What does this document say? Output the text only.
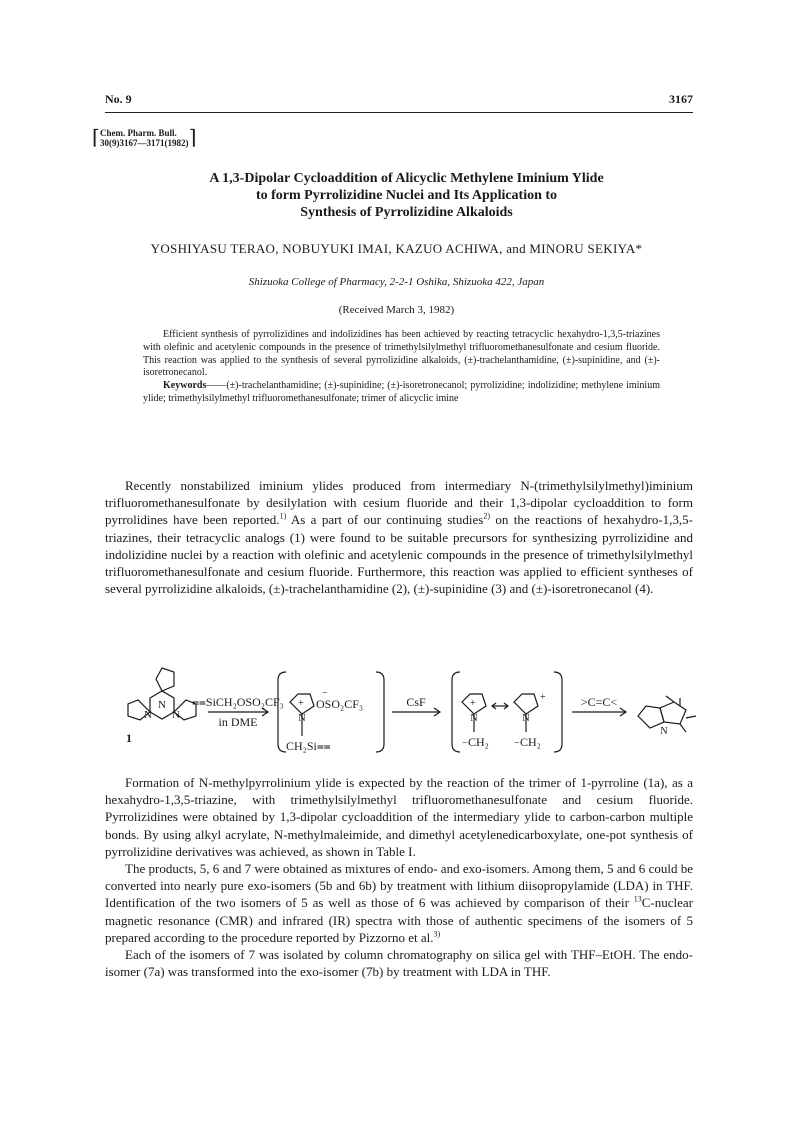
No. 9	3167
⌈ Chem. Pharm. Bull.
30(9)3167—3171(1982) ⌉
A 1,3-Dipolar Cycloaddition of Alicyclic Methylene Iminium Ylide
to form Pyrrolizidine Nuclei and Its Application to
Synthesis of Pyrrolizidine Alkaloids
YOSHIYASU TERAO, NOBUYUKI IMAI, KAZUO ACHIWA, and MINORU SEKIYA*
Shizuoka College of Pharmacy, 2-2-1 Oshika, Shizuoka 422, Japan
(Received March 3, 1982)

Efficient synthesis of pyrrolizidines and indolizidines has been achieved by reacting tetracyclic hexahydro-1,3,5-triazines with olefinic and acetylenic compounds in the presence of trimethylsilylmethyl trifluoromethanesulfonate and cesium fluoride. This reaction was applied to the synthesis of several pyrrolizidine alkaloids, (±)-trachelanthamidine, (±)-supinidine, and (±)-isoretronecanol.

Keywords——(±)-trachelanthamidine; (±)-supinidine; (±)-isoretronecanol; pyrrolizidine; indolizidine; methylene iminium ylide; trimethylsilylmethyl trifluoromethanesulfonate; trimer of alicyclic imine

Recently nonstabilized iminium ylides produced from intermediary N-(trimethylsilylmethyl)iminium trifluoromethanesulfonate by desilylation with cesium fluoride and their 1,3-dipolar cycloaddition to form pyrrolidines have been reported.$^{1)}$ As a part of our continuing studies$^{2)}$ on the reactions of hexahydro-1,3,5-triazines, their tetracyclic analogs (1) were found to be suitable precursors for synthesizing pyrrolizidine and indolizidine nuclei by a reaction with olefinic and acetylenic compounds in the presence of trimethylsilylmethyl trifluoromethanesulfonate and cesium fluoride. Furthermore, this reaction was applied to efficient syntheses of several pyrrolizidine alkaloids, (±)-trachelanthamidine (2), (±)-supinidine (3) and (±)-isoretronecanol (4).

N
N N
1
⩵SiCH₂OSO₂CF₃
in DME	N
+ OSO₂CF₃
−
CH₂Si⩵
CsF
N
+
N
+
− CH₂	− CH₂
>C=C<
N

Formation of N-methylpyrrolinium ylide is expected by the reaction of the trimer of 1-pyrroline (1a), as a hexahydro-1,3,5-triazine, with trimethylsilylmethyl trifluoromethanesulfonate and cesium fluoride. Pyrrolizidines were obtained by 1,3-dipolar cycloaddition of the intermediary ylide to carbon-carbon multiple bonds. By using alkyl acrylate, N-methylmaleimide, and dimethyl acetylenedicarboxylate, one-pot synthesis of pyrrolizidine derivatives was achieved, as shown in Table I.

The products, 5, 6 and 7 were obtained as mixtures of endo- and exo-isomers. Among them, 5 and 6 could be converted into nearly pure exo-isomers (5b and 6b) by treatment with lithium diisopropylamide (LDA) in THF. Identification of the two isomers of 5 as well as those of 6 was achieved by comparison of their $^{13}$C-nuclear magnetic resonance (CMR) and infrared (IR) spectra with those of authentic specimens of the isomers of 5 prepared according to the procedure reported by Pizzorno et al.$^{3)}$

Each of the isomers of 7 was isolated by column chromatography on silica gel with THF–EtOH. The endo-isomer (7a) was transformed into the exo-isomer (7b) by treatment with LDA in THF.
